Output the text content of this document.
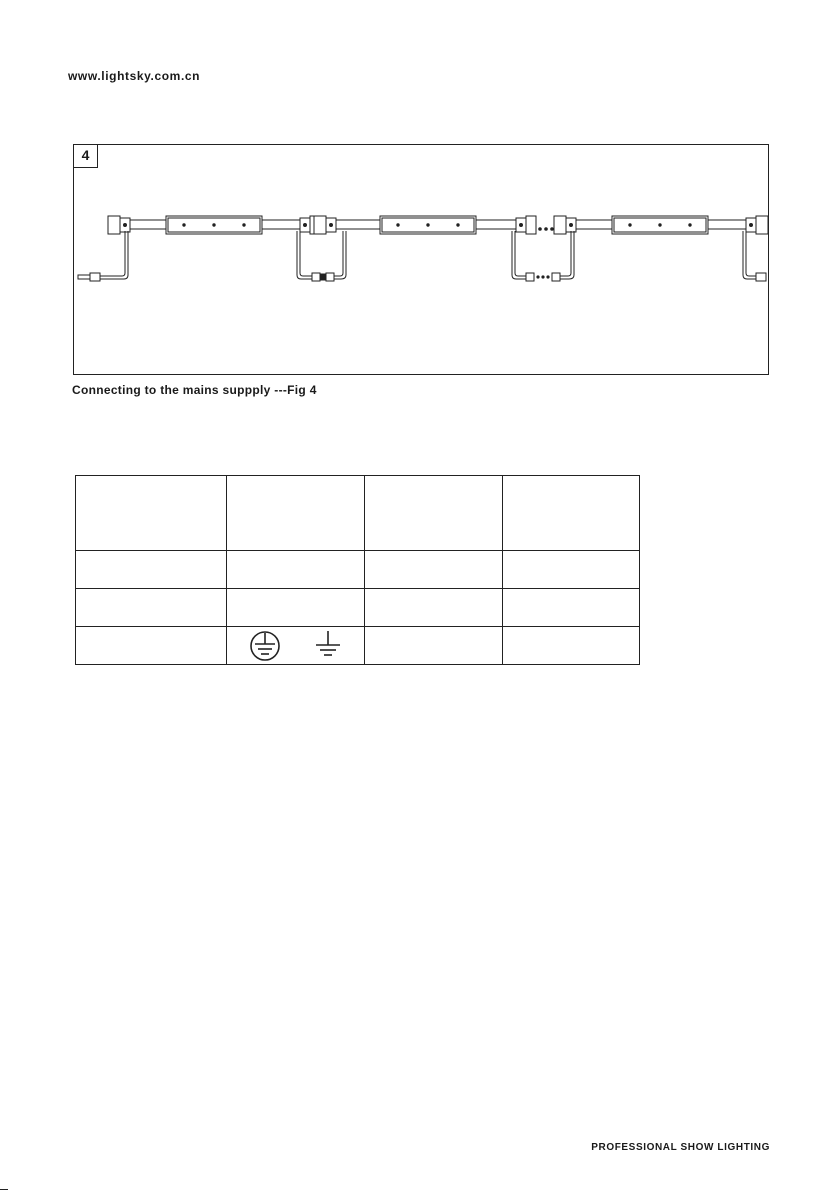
www.lightsky.com.cn
4
Connecting to the mains suppply ---Fig 4

PROFESSIONAL SHOW LIGHTING
